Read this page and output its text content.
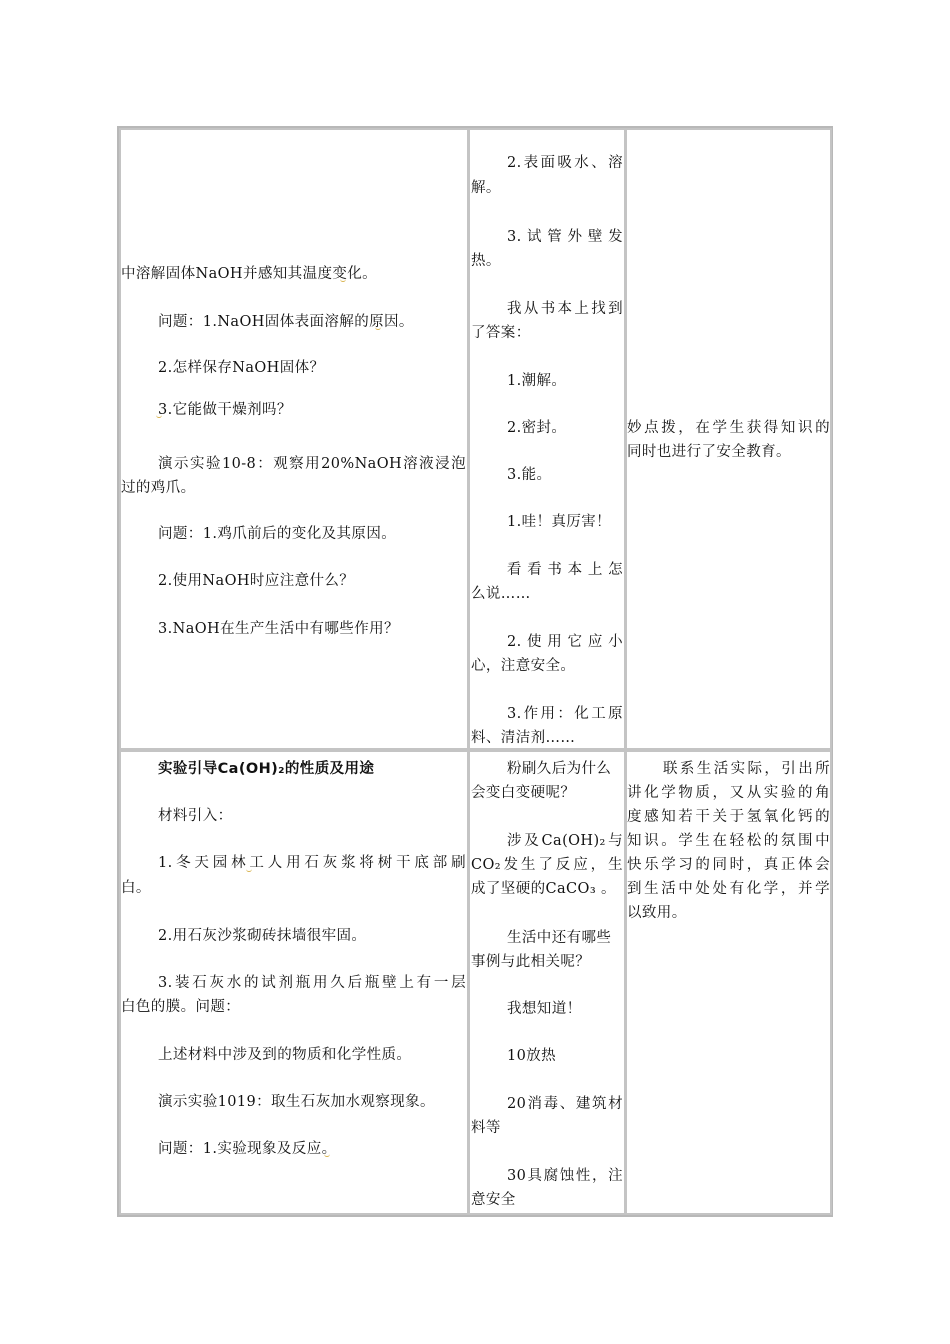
中溶解固体NaOH并感知其温度变化。
问题：1.NaOH固体表面溶解的原因。
2.怎样保存NaOH固体？
3.它能做干燥剂吗？
演示实验10-8：观察用20%NaOH溶液浸泡
过的鸡爪。
问题：1.鸡爪前后的变化及其原因。
2.使用NaOH时应注意什么？
3.NaOH在生产生活中有哪些作用？
2.表面吸水、溶
解。
3.试管外壁发
热。
我从书本上找到
了答案：
1.潮解。
2.密封。
3.能。
1.哇！真厉害！
看看书本上怎
么说……
2.使用它应小
心，注意安全。
3.作用：化工原
料、清洁剂……
妙点拨，在学生获得知识的
同时也进行了安全教育。
实验引导Ca(OH)₂的性质及用途
材料引入：
1.冬天园林工人用石灰浆将树干底部刷
白。
2.用石灰沙浆砌砖抹墙很牢固。
3.装石灰水的试剂瓶用久后瓶壁上有一层
白色的膜。问题：
上述材料中涉及到的物质和化学性质。
演示实验1019：取生石灰加水观察现象。
问题：1.实验现象及反应。
粉刷久后为什么
会变白变硬呢？
涉及Ca(OH)₂与
CO₂发生了反应，生
成了坚硬的CaCO₃ 。
生活中还有哪些
事例与此相关呢？
我想知道！
10放热
20消毒、建筑材
料等
30具腐蚀性，注
意安全
联系生活实际，引出所
讲化学物质，又从实验的角
度感知若干关于氢氧化钙的
知识。学生在轻松的氛围中
快乐学习的同时，真正体会
到生活中处处有化学，并学
以致用。
